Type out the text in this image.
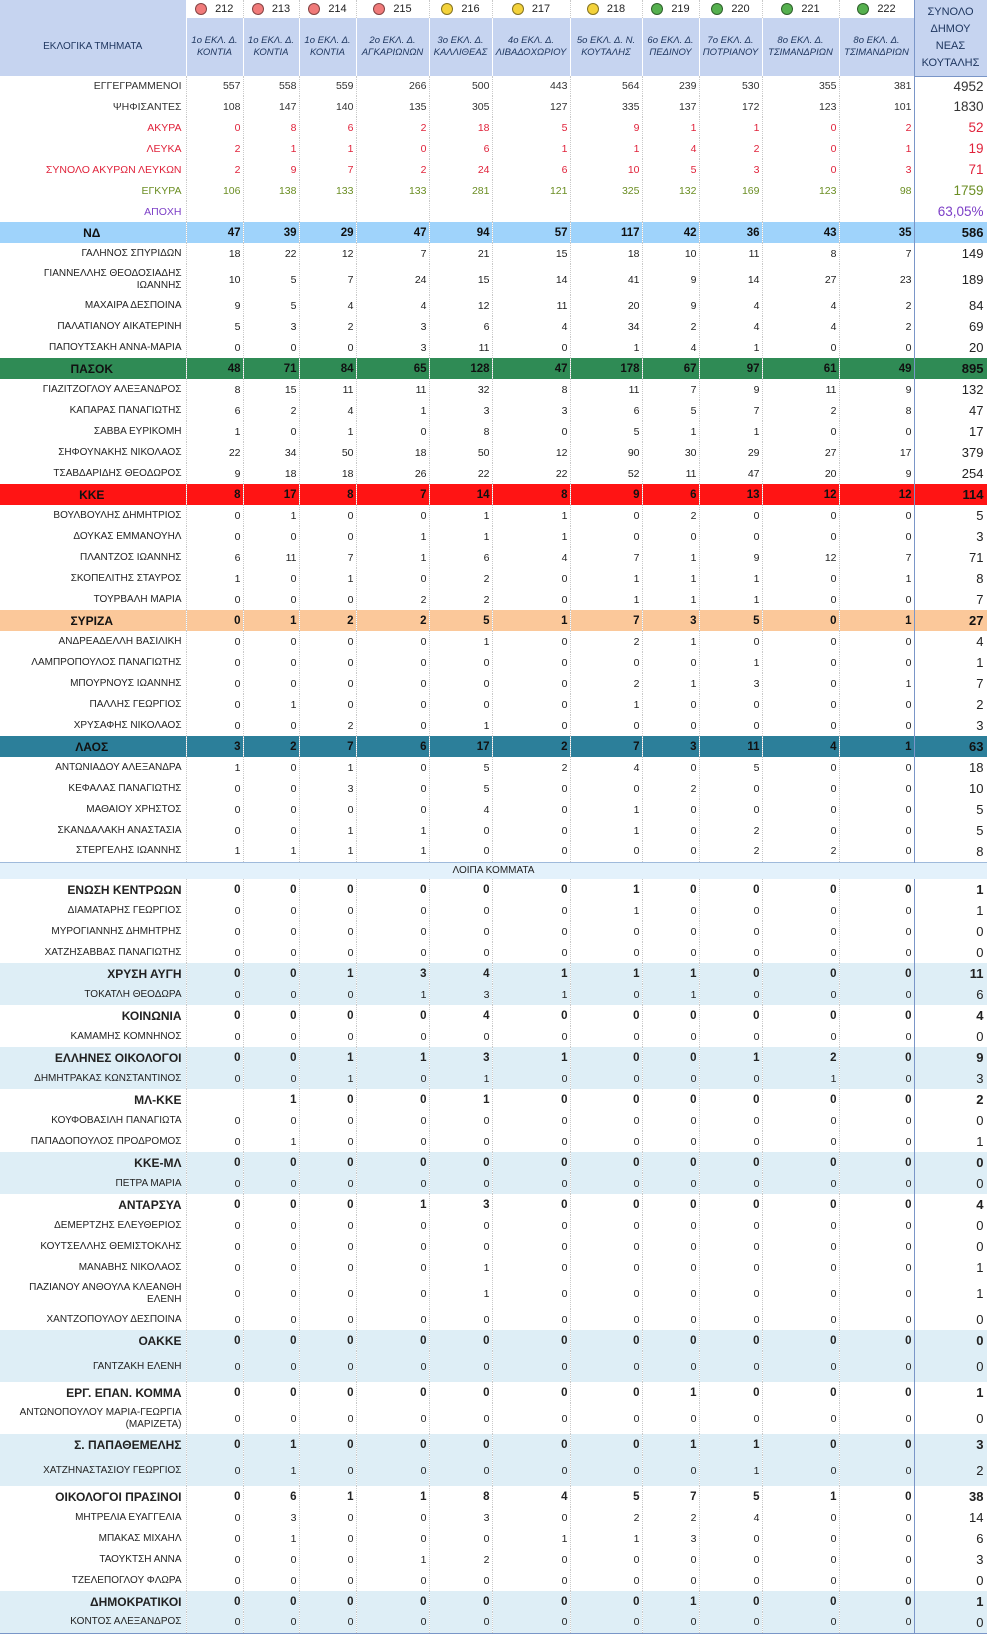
	212	213	214	215	216	217	218	219	220	221	222	ΣΥΝΟΛΟ ΔΗΜΟΥ ΝΕΑΣ ΚΟΥΤΑΛΗΣ
ΕΚΛΟΓΙΚΑ ΤΜΗΜΑΤΑ	1ο ΕΚΛ. Δ. ΚΟΝΤΙΑ	1ο ΕΚΛ. Δ. ΚΟΝΤΙΑ	1ο ΕΚΛ. Δ. ΚΟΝΤΙΑ	2ο ΕΚΛ. Δ. ΑΓΚΑΡΙΩΝΩΝ	3ο ΕΚΛ. Δ. ΚΑΛΛΙΘΕΑΣ	4ο ΕΚΛ. Δ. ΛΙΒΑΔΟΧΩΡΙΟΥ	5ο ΕΚΛ. Δ. Ν. ΚΟΥΤΑΛΗΣ	6ο ΕΚΛ. Δ. ΠΕΔΙΝΟΥ	7ο ΕΚΛ. Δ. ΠΟΤΡΙΑΝΟΥ	8ο ΕΚΛ. Δ. ΤΣΙΜΑΝΔΡΙΩΝ	8ο ΕΚΛ. Δ. ΤΣΙΜΑΝΔΡΙΩΝ	
ΕΓΓΕΓΡΑΜΜΕΝΟΙ	557	558	559	266	500	443	564	239	530	355	381	4952
ΨΗΦΙΣΑΝΤΕΣ	108	147	140	135	305	127	335	137	172	123	101	1830
ΑΚΥΡΑ	0	8	6	2	18	5	9	1	1	0	2	52
ΛΕΥΚΑ	2	1	1	0	6	1	1	4	2	0	1	19
ΣΥΝΟΛΟ ΑΚΥΡΩΝ ΛΕΥΚΩΝ	2	9	7	2	24	6	10	5	3	0	3	71
ΕΓΚΥΡΑ	106	138	133	133	281	121	325	132	169	123	98	1759
ΑΠΟΧΗ												63,05%
ΝΔ	47	39	29	47	94	57	117	42	36	43	35	586
ΓΑΛΗΝΟΣ ΣΠΥΡΙΔΩΝ	18	22	12	7	21	15	18	10	11	8	7	149
ΓΙΑΝΝΕΛΛΗΣ ΘΕΟΔΟΣΙΑΔΗΣ ΙΩΑΝΝΗΣ	10	5	7	24	15	14	41	9	14	27	23	189
ΜΑΧΑΙΡΑ ΔΕΣΠΟΙΝΑ	9	5	4	4	12	11	20	9	4	4	2	84
ΠΑΛΑΤΙΑΝΟΥ ΑΙΚΑΤΕΡΙΝΗ	5	3	2	3	6	4	34	2	4	4	2	69
ΠΑΠΟΥΤΣΑΚΗ ΑΝΝΑ-ΜΑΡΙΑ	0	0	0	3	11	0	1	4	1	0	0	20
ΠΑΣΟΚ	48	71	84	65	128	47	178	67	97	61	49	895
ΓΙΑΖΙΤΖΟΓΛΟΥ ΑΛΕΞΑΝΔΡΟΣ	8	15	11	11	32	8	11	7	9	11	9	132
ΚΑΠΑΡΑΣ ΠΑΝΑΓΙΩΤΗΣ	6	2	4	1	3	3	6	5	7	2	8	47
ΣΑΒΒΑ ΕΥΡΙΚΟΜΗ	1	0	1	0	8	0	5	1	1	0	0	17
ΣΗΦΟΥΝΑΚΗΣ ΝΙΚΟΛΑΟΣ	22	34	50	18	50	12	90	30	29	27	17	379
ΤΣΑΒΔΑΡΙΔΗΣ ΘΕΟΔΩΡΟΣ	9	18	18	26	22	22	52	11	47	20	9	254
ΚΚΕ	8	17	8	7	14	8	9	6	13	12	12	114
ΒΟΥΛΒΟΥΛΗΣ ΔΗΜΗΤΡΙΟΣ	0	1	0	0	1	1	0	2	0	0	0	5
ΔΟΥΚΑΣ ΕΜΜΑΝΟΥΗΛ	0	0	0	1	1	1	0	0	0	0	0	3
ΠΛΑΝΤΖΟΣ ΙΩΑΝΝΗΣ	6	11	7	1	6	4	7	1	9	12	7	71
ΣΚΟΠΕΛΙΤΗΣ ΣΤΑΥΡΟΣ	1	0	1	0	2	0	1	1	1	0	1	8
ΤΟΥΡΒΑΛΗ ΜΑΡΙΑ	0	0	0	2	2	0	1	1	1	0	0	7
ΣΥΡΙΖΑ	0	1	2	2	5	1	7	3	5	0	1	27
ΑΝΔΡΕΑΔΕΛΛΗ ΒΑΣΙΛΙΚΗ	0	0	0	0	1	0	2	1	0	0	0	4
ΛΑΜΠΡΟΠΟΥΛΟΣ ΠΑΝΑΓΙΩΤΗΣ	0	0	0	0	0	0	0	0	1	0	0	1
ΜΠΟΥΡΝΟΥΣ ΙΩΑΝΝΗΣ	0	0	0	0	0	0	2	1	3	0	1	7
ΠΑΛΛΗΣ ΓΕΩΡΓΙΟΣ	0	1	0	0	0	0	1	0	0	0	0	2
ΧΡΥΣΑΦΗΣ ΝΙΚΟΛΑΟΣ	0	0	2	0	1	0	0	0	0	0	0	3
ΛΑΟΣ	3	2	7	6	17	2	7	3	11	4	1	63
ΑΝΤΩΝΙΑΔΟΥ ΑΛΕΞΑΝΔΡΑ	1	0	1	0	5	2	4	0	5	0	0	18
ΚΕΦΑΛΑΣ ΠΑΝΑΓΙΩΤΗΣ	0	0	3	0	5	0	0	2	0	0	0	10
ΜΑΘΑΙΟΥ ΧΡΗΣΤΟΣ	0	0	0	0	4	0	1	0	0	0	0	5
ΣΚΑΝΔΑΛΑΚΗ ΑΝΑΣΤΑΣΙΑ	0	0	1	1	0	0	1	0	2	0	0	5
ΣΤΕΡΓΕΛΗΣ ΙΩΑΝΝΗΣ	1	1	1	1	0	0	0	0	2	2	0	8
ΛΟΙΠΑ ΚΟΜΜΑΤΑ												
ΕΝΩΣΗ ΚΕΝΤΡΩΩΝ	0	0	0	0	0	0	1	0	0	0	0	1
ΔΙΑΜΑΤΑΡΗΣ ΓΕΩΡΓΙΟΣ	0	0	0	0	0	0	1	0	0	0	0	1
ΜΥΡΟΓΙΑΝΝΗΣ ΔΗΜΗΤΡΗΣ	0	0	0	0	0	0	0	0	0	0	0	0
ΧΑΤΖΗΣΑΒΒΑΣ ΠΑΝΑΓΙΩΤΗΣ	0	0	0	0	0	0	0	0	0	0	0	0
ΧΡΥΣΗ ΑΥΓΗ	0	0	1	3	4	1	1	1	0	0	0	11
ΤΟΚΑΤΛΗ ΘΕΟΔΩΡΑ	0	0	0	1	3	1	0	1	0	0	0	6
ΚΟΙΝΩΝΙΑ	0	0	0	0	4	0	0	0	0	0	0	4
ΚΑΜΑΜΗΣ ΚΟΜΝΗΝΟΣ	0	0	0	0	0	0	0	0	0	0	0	0
ΕΛΛΗΝΕΣ ΟΙΚΟΛΟΓΟΙ	0	0	1	1	3	1	0	0	1	2	0	9
ΔΗΜΗΤΡΑΚΑΣ ΚΩΝΣΤΑΝΤΙΝΟΣ	0	0	1	0	1	0	0	0	0	1	0	3
ΜΛ-ΚΚΕ		1	0	0	1	0	0	0	0	0	0	2
ΚΟΥΦΟΒΑΣΙΛΗ ΠΑΝΑΓΙΩΤΑ	0	0	0	0	0	0	0	0	0	0	0	0
ΠΑΠΑΔΟΠΟΥΛΟΣ ΠΡΟΔΡΟΜΟΣ	0	1	0	0	0	0	0	0	0	0	0	1
ΚΚΕ-ΜΛ	0	0	0	0	0	0	0	0	0	0	0	0
ΠΕΤΡΑ ΜΑΡΙΑ	0	0	0	0	0	0	0	0	0	0	0	0
ΑΝΤΑΡΣΥΑ	0	0	0	1	3	0	0	0	0	0	0	4
ΔΕΜΕΡΤΖΗΣ ΕΛΕΥΘΕΡΙΟΣ	0	0	0	0	0	0	0	0	0	0	0	0
ΚΟΥΤΣΕΛΛΗΣ ΘΕΜΙΣΤΟΚΛΗΣ	0	0	0	0	0	0	0	0	0	0	0	0
ΜΑΝΑΒΗΣ ΝΙΚΟΛΑΟΣ	0	0	0	0	1	0	0	0	0	0	0	1
ΠΑΖΙΑΝΟΥ ΑΝΘΟΥΛΑ ΚΛΕΑΝΘΗ ΕΛΕΝΗ	0	0	0	0	1	0	0	0	0	0	0	1
ΧΑΝΤΖΟΠΟΥΛΟΥ ΔΕΣΠΟΙΝΑ	0	0	0	0	0	0	0	0	0	0	0	0
ΟΑΚΚΕ	0	0	0	0	0	0	0	0	0	0	0	0
ΓΑΝΤΖΑΚΗ ΕΛΕΝΗ	0	0	0	0	0	0	0	0	0	0	0	0
ΕΡΓ. ΕΠΑΝ. ΚΟΜΜΑ	0	0	0	0	0	0	0	1	0	0	0	1
ΑΝΤΩΝΟΠΟΥΛΟΥ ΜΑΡΙΑ-ΓΕΩΡΓΙΑ (ΜΑΡΙΖΕΤΑ)	0	0	0	0	0	0	0	0	0	0	0	0
Σ. ΠΑΠΑΘΕΜΕΛΗΣ	0	1	0	0	0	0	0	1	1	0	0	3
ΧΑΤΖΗΝΑΣΤΑΣΙΟΥ ΓΕΩΡΓΙΟΣ	0	1	0	0	0	0	0	0	1	0	0	2
ΟΙΚΟΛΟΓΟΙ ΠΡΑΣΙΝΟΙ	0	6	1	1	8	4	5	7	5	1	0	38
ΜΗΤΡΕΛΙΑ ΕΥΑΓΓΕΛΙΑ	0	3	0	0	3	0	2	2	4	0	0	14
ΜΠΑΚΑΣ ΜΙΧΑΗΛ	0	1	0	0	0	1	1	3	0	0	0	6
ΤΑΟΥΚΤΣΗ ΑΝΝΑ	0	0	0	1	2	0	0	0	0	0	0	3
ΤΖΕΛΕΠΟΓΛΟΥ ΦΛΩΡΑ	0	0	0	0	0	0	0	0	0	0	0	0
ΔΗΜΟΚΡΑΤΙΚΟΙ	0	0	0	0	0	0	0	1	0	0	0	1
ΚΟΝΤΟΣ ΑΛΕΞΑΝΔΡΟΣ	0	0	0	0	0	0	0	0	0	0	0	0
